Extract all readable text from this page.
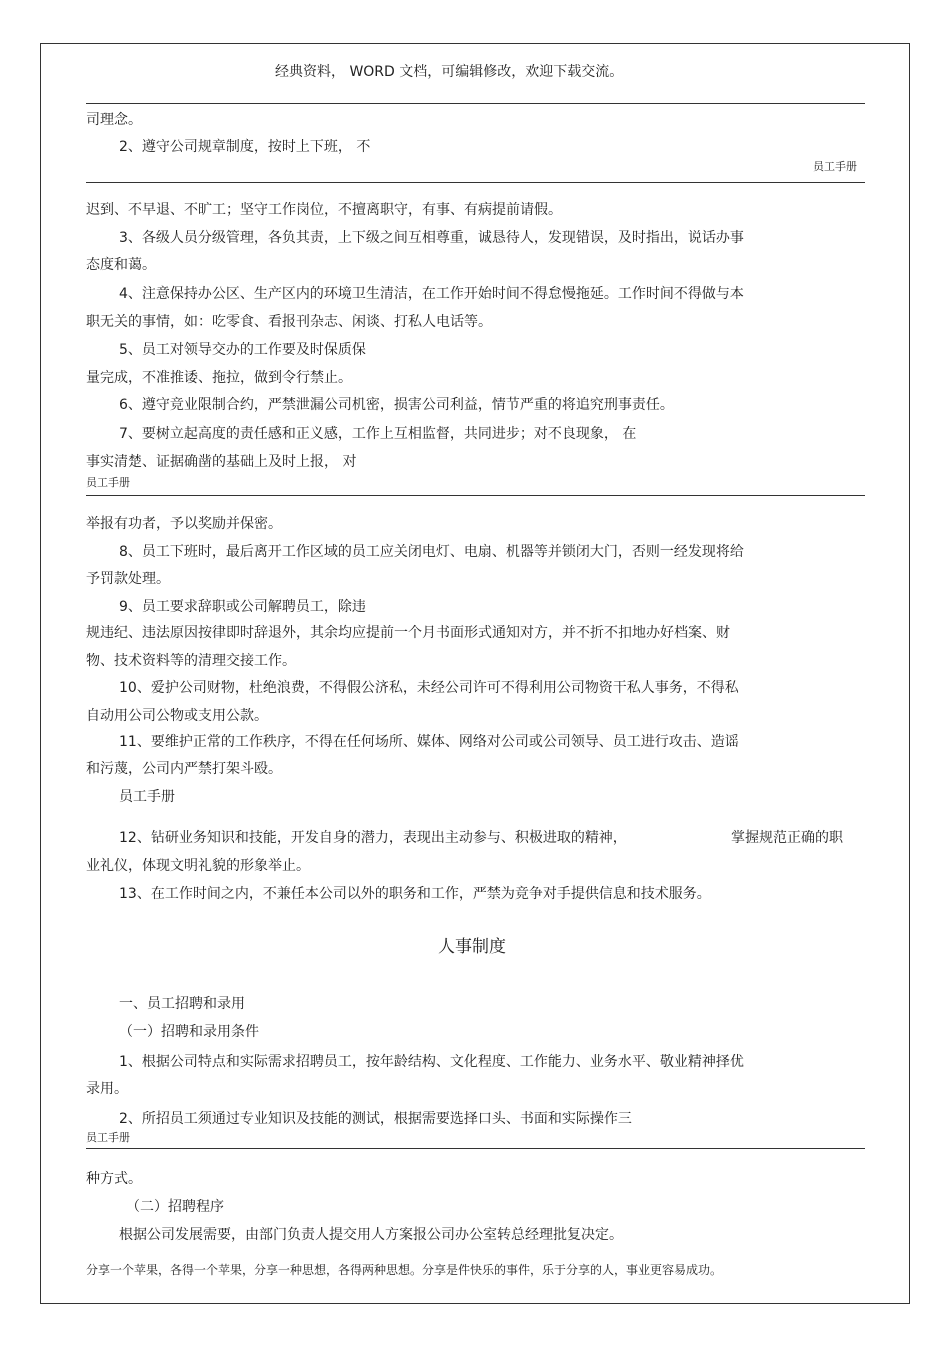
经典资料， WORD 文档，可编辑修改，欢迎下载交流。
司理念。
2、遵守公司规章制度，按时上下班， 不
员工手册
迟到、不早退、不旷工；坚守工作岗位，不擅离职守，有事、有病提前请假。
3、各级人员分级管理，各负其责，上下级之间互相尊重，诚恳待人，发现错误，及时指出，说话办事
态度和蔼。
4、注意保持办公区、生产区内的环境卫生清洁，在工作开始时间不得怠慢拖延。工作时间不得做与本
职无关的事情，如：吃零食、看报刊杂志、闲谈、打私人电话等。
5、员工对领导交办的工作要及时保质保
量完成，不准推诿、拖拉，做到令行禁止。
6、遵守竞业限制合约，严禁泄漏公司机密，损害公司利益，情节严重的将追究刑事责任。
7、要树立起高度的责任感和正义感，工作上互相监督，共同进步；对不良现象， 在
事实清楚、证据确凿的基础上及时上报， 对
员工手册
举报有功者，予以奖励并保密。
8、员工下班时，最后离开工作区域的员工应关闭电灯、电扇、机器等并锁闭大门，否则一经发现将给
予罚款处理。
9、员工要求辞职或公司解聘员工，除违
规违纪、违法原因按律即时辞退外，其余均应提前一个月书面形式通知对方，并不折不扣地办好档案、财
物、技术资料等的清理交接工作。
10、爱护公司财物，杜绝浪费，不得假公济私，未经公司许可不得利用公司物资干私人事务，不得私
自动用公司公物或支用公款。
11、要维护正常的工作秩序，不得在任何场所、媒体、网络对公司或公司领导、员工进行攻击、造谣
和污蔑，公司内严禁打架斗殴。
员工手册
12、钻研业务知识和技能，开发自身的潜力，表现出主动参与、积极进取的精神，	掌握规范正确的职
业礼仪，体现文明礼貌的形象举止。
13、在工作时间之内，不兼任本公司以外的职务和工作，严禁为竞争对手提供信息和技术服务。
人事制度
一、员工招聘和录用
（一）招聘和录用条件
1、根据公司特点和实际需求招聘员工，按年龄结构、文化程度、工作能力、业务水平、敬业精神择优
录用。
2、所招员工须通过专业知识及技能的测试，根据需要选择口头、书面和实际操作三
员工手册
种方式。
（二）招聘程序
根据公司发展需要，由部门负责人提交用人方案报公司办公室转总经理批复决定。
分享一个苹果，各得一个苹果，分享一种思想，各得两种思想。分享是件快乐的事件，乐于分享的人，事业更容易成功。
